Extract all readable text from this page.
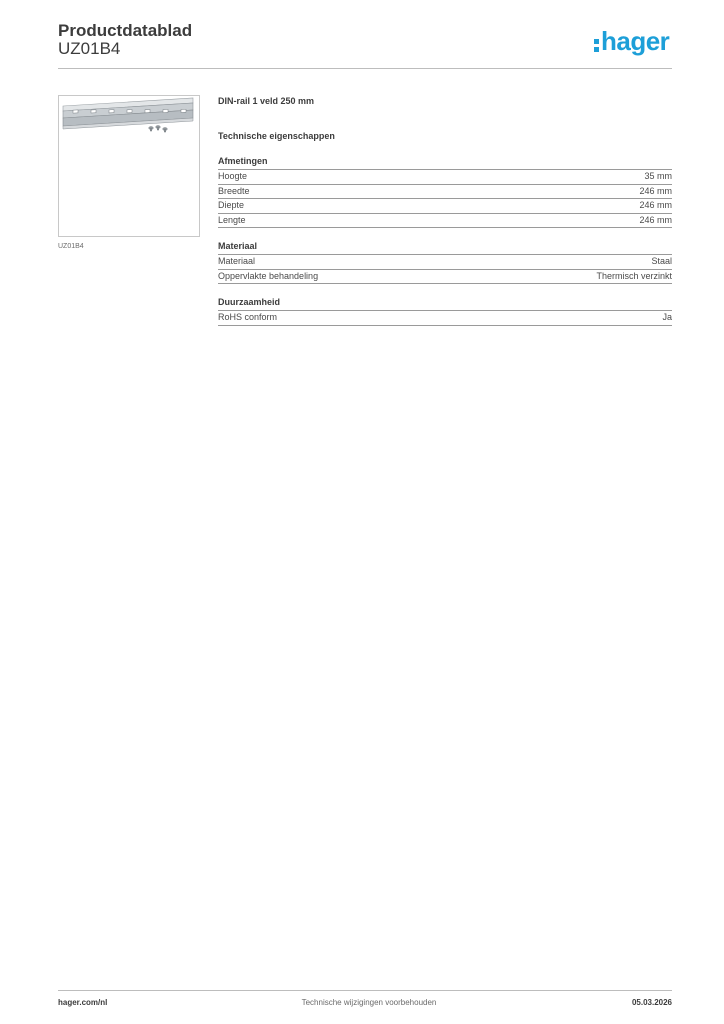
Productdatablad
UZ01B4	hager
UZ01B4
DIN-rail 1 veld 250 mm
Technische eigenschappen
Afmetingen
Hoogte	35 mm
Breedte	246 mm
Diepte	246 mm
Lengte	246 mm
Materiaal
Materiaal	Staal
Oppervlakte behandeling	Thermisch verzinkt
Duurzaamheid
RoHS conform	Ja
hager.com/nl	Technische wijzigingen voorbehouden	05.03.2026
